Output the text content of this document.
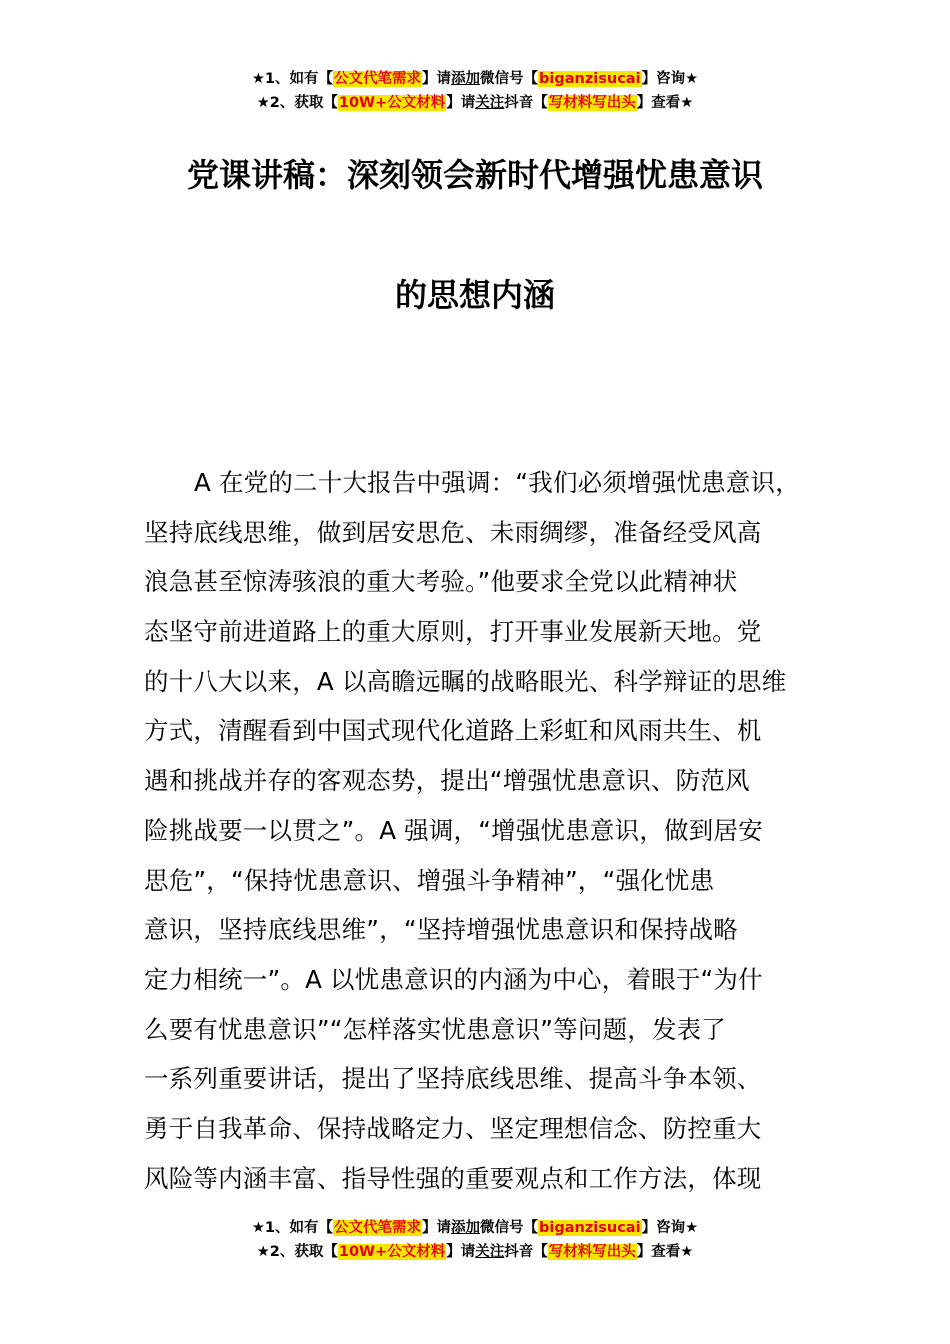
★1、如有【公文代笔需求】请添加微信号【biganzisucai】咨询★
★2、获取【10W+公文材料】请关注抖音【写材料写出头】查看★
党课讲稿：深刻领会新时代增强忧患意识
的思想内涵
A 在党的二十大报告中强调：“我们必须增强忧患意识，
坚持底线思维，做到居安思危、未雨绸缪，准备经受风高
浪急甚至惊涛骇浪的重大考验。”他要求全党以此精神状
态坚守前进道路上的重大原则，打开事业发展新天地。党
的十八大以来，A 以高瞻远瞩的战略眼光、科学辩证的思维
方式，清醒看到中国式现代化道路上彩虹和风雨共生、机
遇和挑战并存的客观态势，提出“增强忧患意识、防范风
险挑战要一以贯之”。A 强调，“增强忧患意识，做到居安
思危”，“保持忧患意识、增强斗争精神”，“强化忧患
意识，坚持底线思维”，“坚持增强忧患意识和保持战略
定力相统一”。A 以忧患意识的内涵为中心，着眼于“为什
么要有忧患意识”“怎样落实忧患意识”等问题，发表了
一系列重要讲话，提出了坚持底线思维、提高斗争本领、
勇于自我革命、保持战略定力、坚定理想信念、防控重大
风险等内涵丰富、指导性强的重要观点和工作方法，体现
★1、如有【公文代笔需求】请添加微信号【biganzisucai】咨询★
★2、获取【10W+公文材料】请关注抖音【写材料写出头】查看★
